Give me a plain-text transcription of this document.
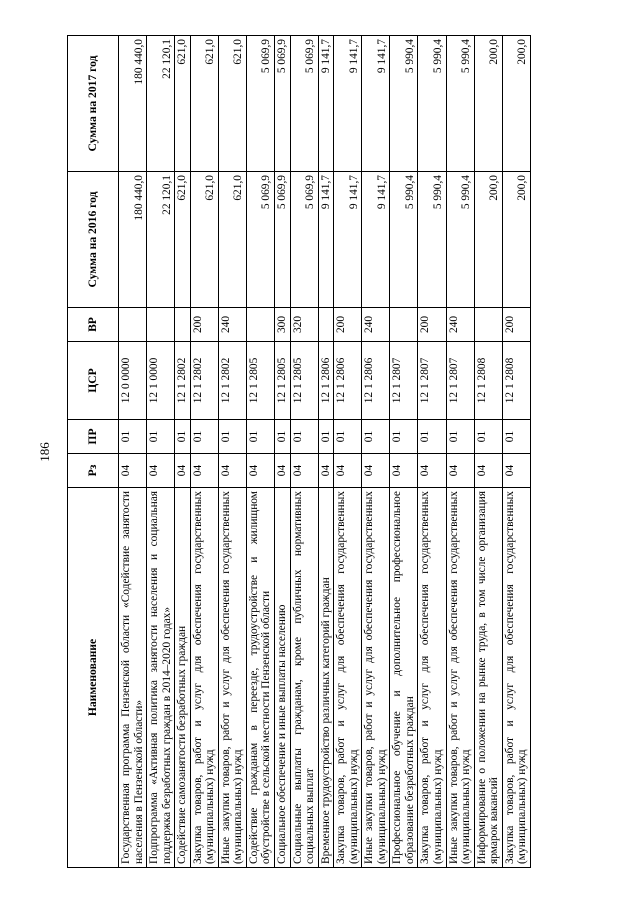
186
Наименование	Рз	ПР	ЦСР	ВР	Сумма на 2016 год	Сумма на 2017 год
Государственная программа Пензенской области «Содействие занятости населения в Пензенской области»	04	01	12 0 0000		180 440,0	180 440,0
Подпрограмма «Активная политика занятости населения и социальная поддержка безработных граждан в 2014–2020 годах»	04	01	12 1 0000		22 120,1	22 120,1
Содействие самозанятости безработных граждан	04	01	12 1 2802		621,0	621,0
Закупка товаров, работ и услуг для обеспечения государственных (муниципальных) нужд	04	01	12 1 2802	200	621,0	621,0
Иные закупки товаров, работ и услуг для обеспечения государственных (муниципальных) нужд	04	01	12 1 2802	240	621,0	621,0
Содействие гражданам в переезде, трудоустройстве и жилищном обустройстве в сельской местности Пензенской области	04	01	12 1 2805		5 069,9	5 069,9
Социальное обеспечение и иные выплаты населению	04	01	12 1 2805	300	5 069,9	5 069,9
Социальные выплаты гражданам, кроме публичных нормативных социальных выплат	04	01	12 1 2805	320	5 069,9	5 069,9
Временное трудоустройство различных категорий граждан	04	01	12 1 2806		9 141,7	9 141,7
Закупка товаров, работ и услуг для обеспечения государственных (муниципальных) нужд	04	01	12 1 2806	200	9 141,7	9 141,7
Иные закупки товаров, работ и услуг для обеспечения государственных (муниципальных) нужд	04	01	12 1 2806	240	9 141,7	9 141,7
Профессиональное обучение и дополнительное профессиональное образование безработных граждан	04	01	12 1 2807		5 990,4	5 990,4
Закупка товаров, работ и услуг для обеспечения государственных (муниципальных) нужд	04	01	12 1 2807	200	5 990,4	5 990,4
Иные закупки товаров, работ и услуг для обеспечения государственных (муниципальных) нужд	04	01	12 1 2807	240	5 990,4	5 990,4
Информирование о положении на рынке труда, в том числе организация ярмарок вакансий	04	01	12 1 2808		200,0	200,0
Закупка товаров, работ и услуг для обеспечения государственных (муниципальных) нужд	04	01	12 1 2808	200	200,0	200,0
